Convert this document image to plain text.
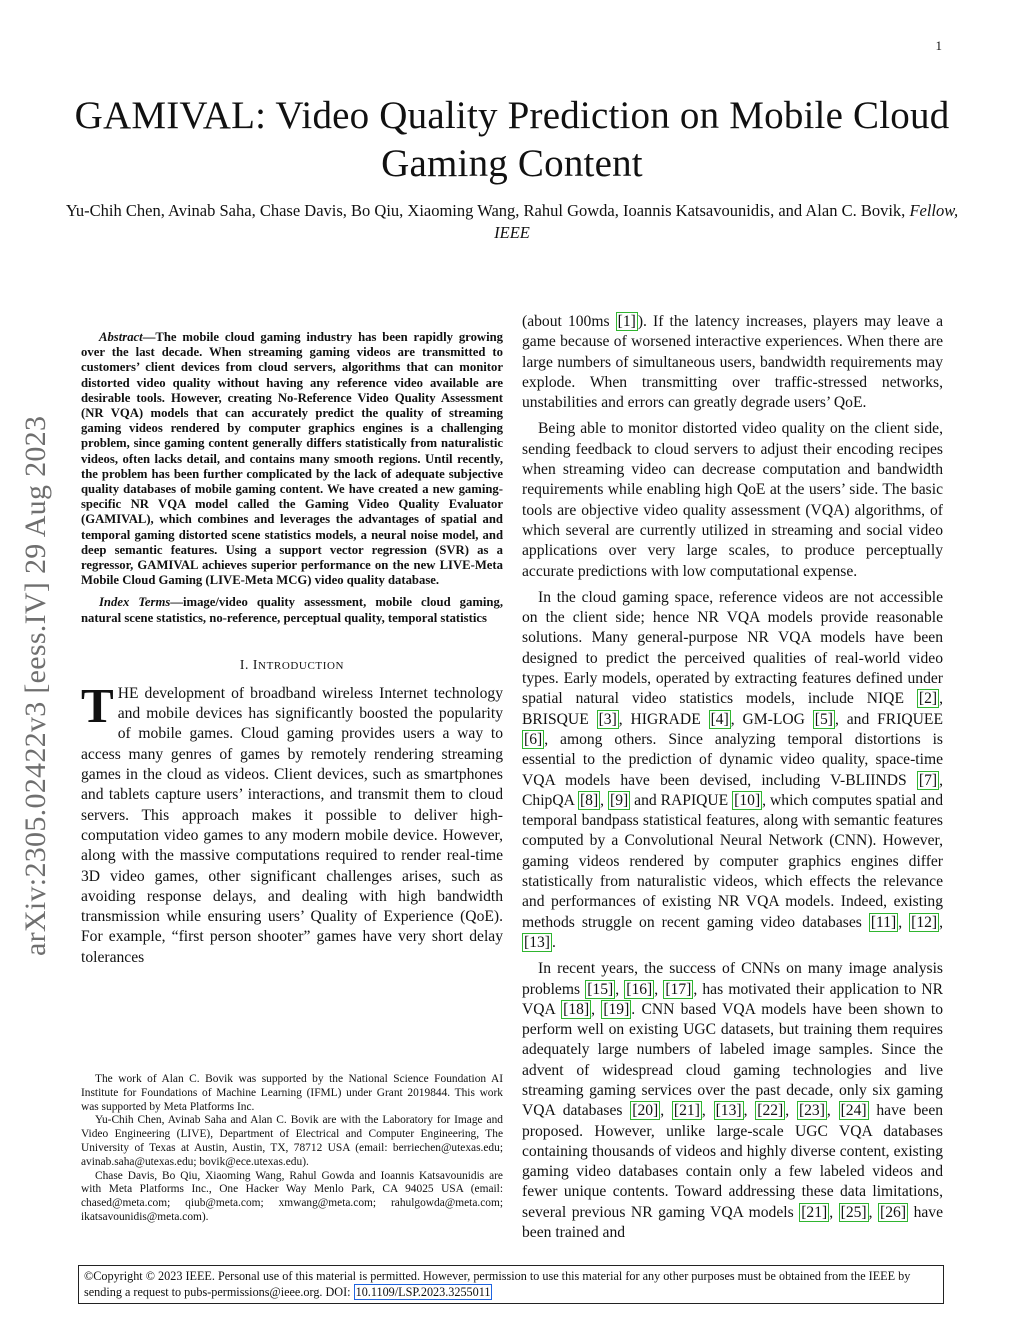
1
GAMIVAL: Video Quality Prediction on Mobile Cloud Gaming Content
Yu-Chih Chen, Avinab Saha, Chase Davis, Bo Qiu, Xiaoming Wang, Rahul Gowda, Ioannis Katsavounidis, and Alan C. Bovik, Fellow, IEEE
arXiv:2305.02422v3 [eess.IV] 29 Aug 2023

Abstract—The mobile cloud gaming industry has been rapidly growing over the last decade. When streaming gaming videos are transmitted to customers’ client devices from cloud servers, algorithms that can monitor distorted video quality without having any reference video available are desirable tools. However, creating No-Reference Video Quality Assessment (NR VQA) models that can accurately predict the quality of streaming gaming videos rendered by computer graphics engines is a challenging problem, since gaming content generally differs statistically from naturalistic videos, often lacks detail, and contains many smooth regions. Until recently, the problem has been further complicated by the lack of adequate subjective quality databases of mobile gaming content. We have created a new gaming-specific NR VQA model called the Gaming Video Quality Evaluator (GAMIVAL), which combines and leverages the advantages of spatial and temporal gaming distorted scene statistics models, a neural noise model, and deep semantic features. Using a support vector regression (SVR) as a regressor, GAMIVAL achieves superior performance on the new LIVE-Meta Mobile Cloud Gaming (LIVE-Meta MCG) video quality database.

Index Terms—image/video quality assessment, mobile cloud gaming, natural scene statistics, no-reference, perceptual quality, temporal statistics

I. INTRODUCTION

THE development of broadband wireless Internet technology and mobile devices has significantly boosted the popularity of mobile games. Cloud gaming provides users a way to access many genres of games by remotely rendering streaming games in the cloud as videos. Client devices, such as smartphones and tablets capture users’ interactions, and transmit them to cloud servers. This approach makes it possible to deliver high-computation video games to any modern mobile device. However, along with the massive computations required to render real-time 3D video games, other significant challenges arises, such as avoiding response delays, and dealing with high bandwidth transmission while ensuring users’ Quality of Experience (QoE). For example, “first person shooter” games have very short delay tolerances

The work of Alan C. Bovik was supported by the National Science Foundation AI Institute for Foundations of Machine Learning (IFML) under Grant 2019844. This work was supported by Meta Platforms Inc.

Yu-Chih Chen, Avinab Saha and Alan C. Bovik are with the Laboratory for Image and Video Engineering (LIVE), Department of Electrical and Computer Engineering, The University of Texas at Austin, Austin, TX, 78712 USA (email: berriechen@utexas.edu; avinab.saha@utexas.edu; bovik@ece.utexas.edu).

Chase Davis, Bo Qiu, Xiaoming Wang, Rahul Gowda and Ioannis Katsavounidis are with Meta Platforms Inc., One Hacker Way Menlo Park, CA 94025 USA (email: chased@meta.com; qiub@meta.com; xmwang@meta.com; rahulgowda@meta.com; ikatsavounidis@meta.com).

(about 100ms [1] ). If the latency increases, players may leave a game because of worsened interactive experiences. When there are large numbers of simultaneous users, bandwidth requirements may explode. When transmitting over traffic-stressed networks, unstabilities and errors can greatly degrade users’ QoE.

Being able to monitor distorted video quality on the client side, sending feedback to cloud servers to adjust their encoding recipes when streaming video can decrease computation and bandwidth requirements while enabling high QoE at the users’ side. The basic tools are objective video quality assessment (VQA) algorithms, of which several are currently utilized in streaming and social video applications over very large scales, to produce perceptually accurate predictions with low computational expense.

In the cloud gaming space, reference videos are not accessible on the client side; hence NR VQA models provide reasonable solutions. Many general-purpose NR VQA models have been designed to predict the perceived qualities of real-world video types. Early models, operated by extracting features defined under spatial natural video statistics models, include NIQE [2] , BRISQUE [3] , HIGRADE [4] , GM-LOG [5] , and FRIQUEE [6] , among others. Since analyzing temporal distortions is essential to the prediction of dynamic video quality, space-time VQA models have been devised, including V-BLIINDS [7] , ChipQA [8] , [9] and RAPIQUE [10] , which computes spatial and temporal bandpass statistical features, along with semantic features computed by a Convolutional Neural Network (CNN). However, gaming videos rendered by computer graphics engines differ statistically from naturalistic videos, which effects the relevance and performances of existing NR VQA models. Indeed, existing methods struggle on recent gaming video databases [11] , [12] , [13] .

In recent years, the success of CNNs on many image analysis problems [15] , [16] , [17] , has motivated their application to NR VQA [18] , [19] . CNN based VQA models have been shown to perform well on existing UGC datasets, but training them requires adequately large numbers of labeled image samples. Since the advent of widespread cloud gaming technologies and live streaming gaming services over the past decade, only six gaming VQA databases [20] , [21] , [13] , [22] , [23] , [24] have been proposed. However, unlike large-scale UGC VQA databases containing thousands of videos and highly diverse content, existing gaming video databases contain only a few labeled videos and fewer unique contents. Toward addressing these data limitations, several previous NR gaming VQA models [21] , [25] , [26] have been trained and

©Copyright © 2023 IEEE. Personal use of this material is permitted. However, permission to use this material for any other purposes must be obtained from the IEEE by sending a request to pubs-permissions@ieee.org. DOI: 10.1109/LSP.2023.3255011
